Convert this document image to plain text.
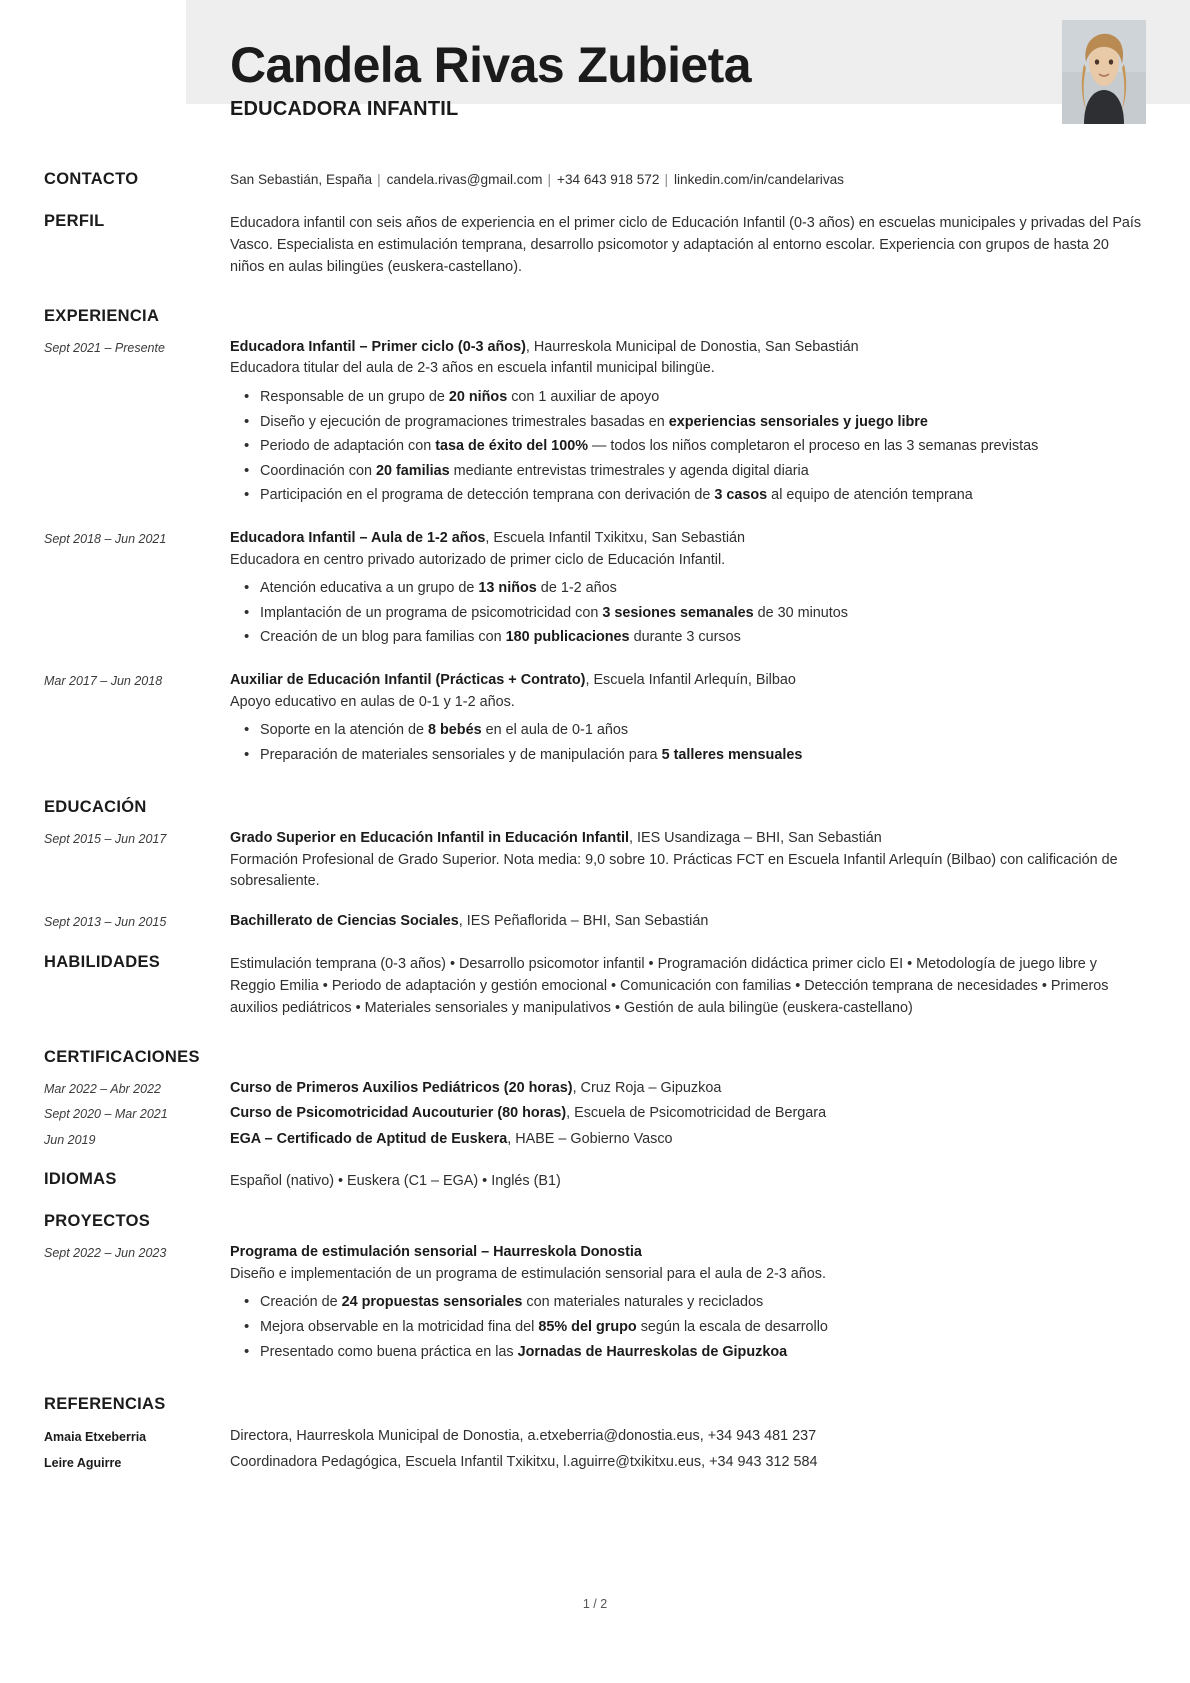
Candela Rivas Zubieta
EDUCADORA INFANTIL
CONTACTO	San Sebastián, España | candela.rivas@gmail.com | +34 643 918 572 | linkedin.com/in/candelarivas
PERFIL	Educadora infantil con seis años de experiencia en el primer ciclo de Educación Infantil (0-3 años) en escuelas municipales y privadas del País Vasco. Especialista en estimulación temprana, desarrollo psicomotor y adaptación al entorno escolar. Experiencia con grupos de hasta 20 niños en aulas bilingües (euskera-castellano).
EXPERIENCIA
Sept 2021 – Presente	Educadora Infantil – Primer ciclo (0-3 años), Haurreskola Municipal de Donostia, San Sebastián
Educadora titular del aula de 2-3 años en escuela infantil municipal bilingüe.
• Responsable de un grupo de 20 niños con 1 auxiliar de apoyo
• Diseño y ejecución de programaciones trimestrales basadas en experiencias sensoriales y juego libre
• Periodo de adaptación con tasa de éxito del 100% — todos los niños completaron el proceso en las 3 semanas previstas
• Coordinación con 20 familias mediante entrevistas trimestrales y agenda digital diaria
• Participación en el programa de detección temprana con derivación de 3 casos al equipo de atención temprana
Sept 2018 – Jun 2021	Educadora Infantil – Aula de 1-2 años, Escuela Infantil Txikitxu, San Sebastián
Educadora en centro privado autorizado de primer ciclo de Educación Infantil.
• Atención educativa a un grupo de 13 niños de 1-2 años
• Implantación de un programa de psicomotricidad con 3 sesiones semanales de 30 minutos
• Creación de un blog para familias con 180 publicaciones durante 3 cursos
Mar 2017 – Jun 2018	Auxiliar de Educación Infantil (Prácticas + Contrato), Escuela Infantil Arlequín, Bilbao
Apoyo educativo en aulas de 0-1 y 1-2 años.
• Soporte en la atención de 8 bebés en el aula de 0-1 años
• Preparación de materiales sensoriales y de manipulación para 5 talleres mensuales
EDUCACIÓN
Sept 2015 – Jun 2017	Grado Superior en Educación Infantil in Educación Infantil, IES Usandizaga – BHI, San Sebastián
Formación Profesional de Grado Superior. Nota media: 9,0 sobre 10. Prácticas FCT en Escuela Infantil Arlequín (Bilbao) con calificación de sobresaliente.
Sept 2013 – Jun 2015	Bachillerato de Ciencias Sociales, IES Peñaflorida – BHI, San Sebastián
HABILIDADES	Estimulación temprana (0-3 años) • Desarrollo psicomotor infantil • Programación didáctica primer ciclo EI • Metodología de juego libre y Reggio Emilia • Periodo de adaptación y gestión emocional • Comunicación con familias • Detección temprana de necesidades • Primeros auxilios pediátricos • Materiales sensoriales y manipulativos • Gestión de aula bilingüe (euskera-castellano)
CERTIFICACIONES
Mar 2022 – Abr 2022	Curso de Primeros Auxilios Pediátricos (20 horas), Cruz Roja – Gipuzkoa
Sept 2020 – Mar 2021	Curso de Psicomotricidad Aucouturier (80 horas), Escuela de Psicomotricidad de Bergara
Jun 2019	EGA – Certificado de Aptitud de Euskera, HABE – Gobierno Vasco
IDIOMAS	Español (nativo) • Euskera (C1 – EGA) • Inglés (B1)
PROYECTOS
Sept 2022 – Jun 2023	Programa de estimulación sensorial – Haurreskola Donostia
Diseño e implementación de un programa de estimulación sensorial para el aula de 2-3 años.
• Creación de 24 propuestas sensoriales con materiales naturales y reciclados
• Mejora observable en la motricidad fina del 85% del grupo según la escala de desarrollo
• Presentado como buena práctica en las Jornadas de Haurreskolas de Gipuzkoa
REFERENCIAS
Amaia Etxeberria	Directora, Haurreskola Municipal de Donostia, a.etxeberria@donostia.eus, +34 943 481 237
Leire Aguirre	Coordinadora Pedagógica, Escuela Infantil Txikitxu, l.aguirre@txikitxu.eus, +34 943 312 584
1 / 2
